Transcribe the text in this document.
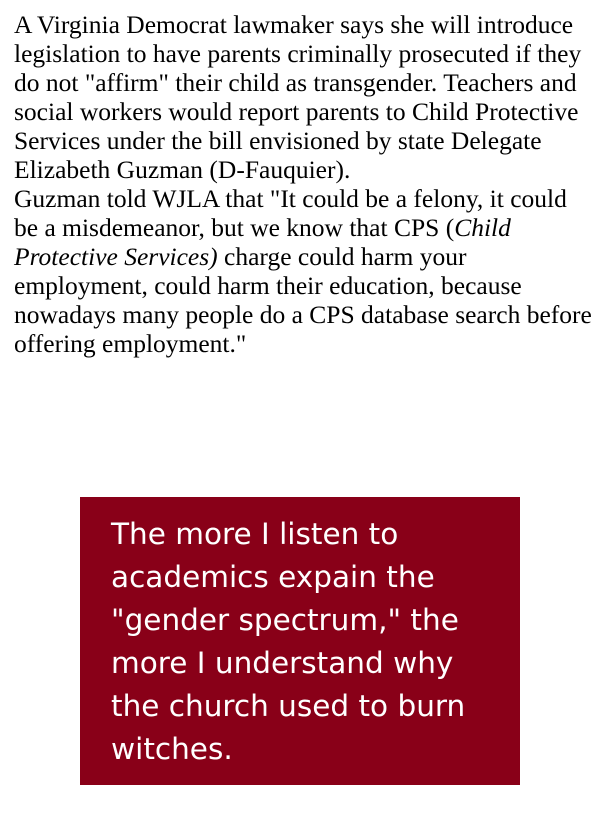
A Virginia Democrat lawmaker says she will introduce legislation to have parents criminally prosecuted if they do not "affirm" their child as transgender. Teachers and social workers would report parents to Child Protective Services under the bill envisioned by state Delegate Elizabeth Guzman (D-Fauquier).

Guzman told WJLA that "It could be a felony, it could be a misdemeanor, but we know that CPS (Child Protective Services) charge could harm your employment, could harm their education, because nowadays many people do a CPS database search before offering employment."

The more I listen to academics expain the "gender spectrum," the more I understand why the church used to burn witches.
